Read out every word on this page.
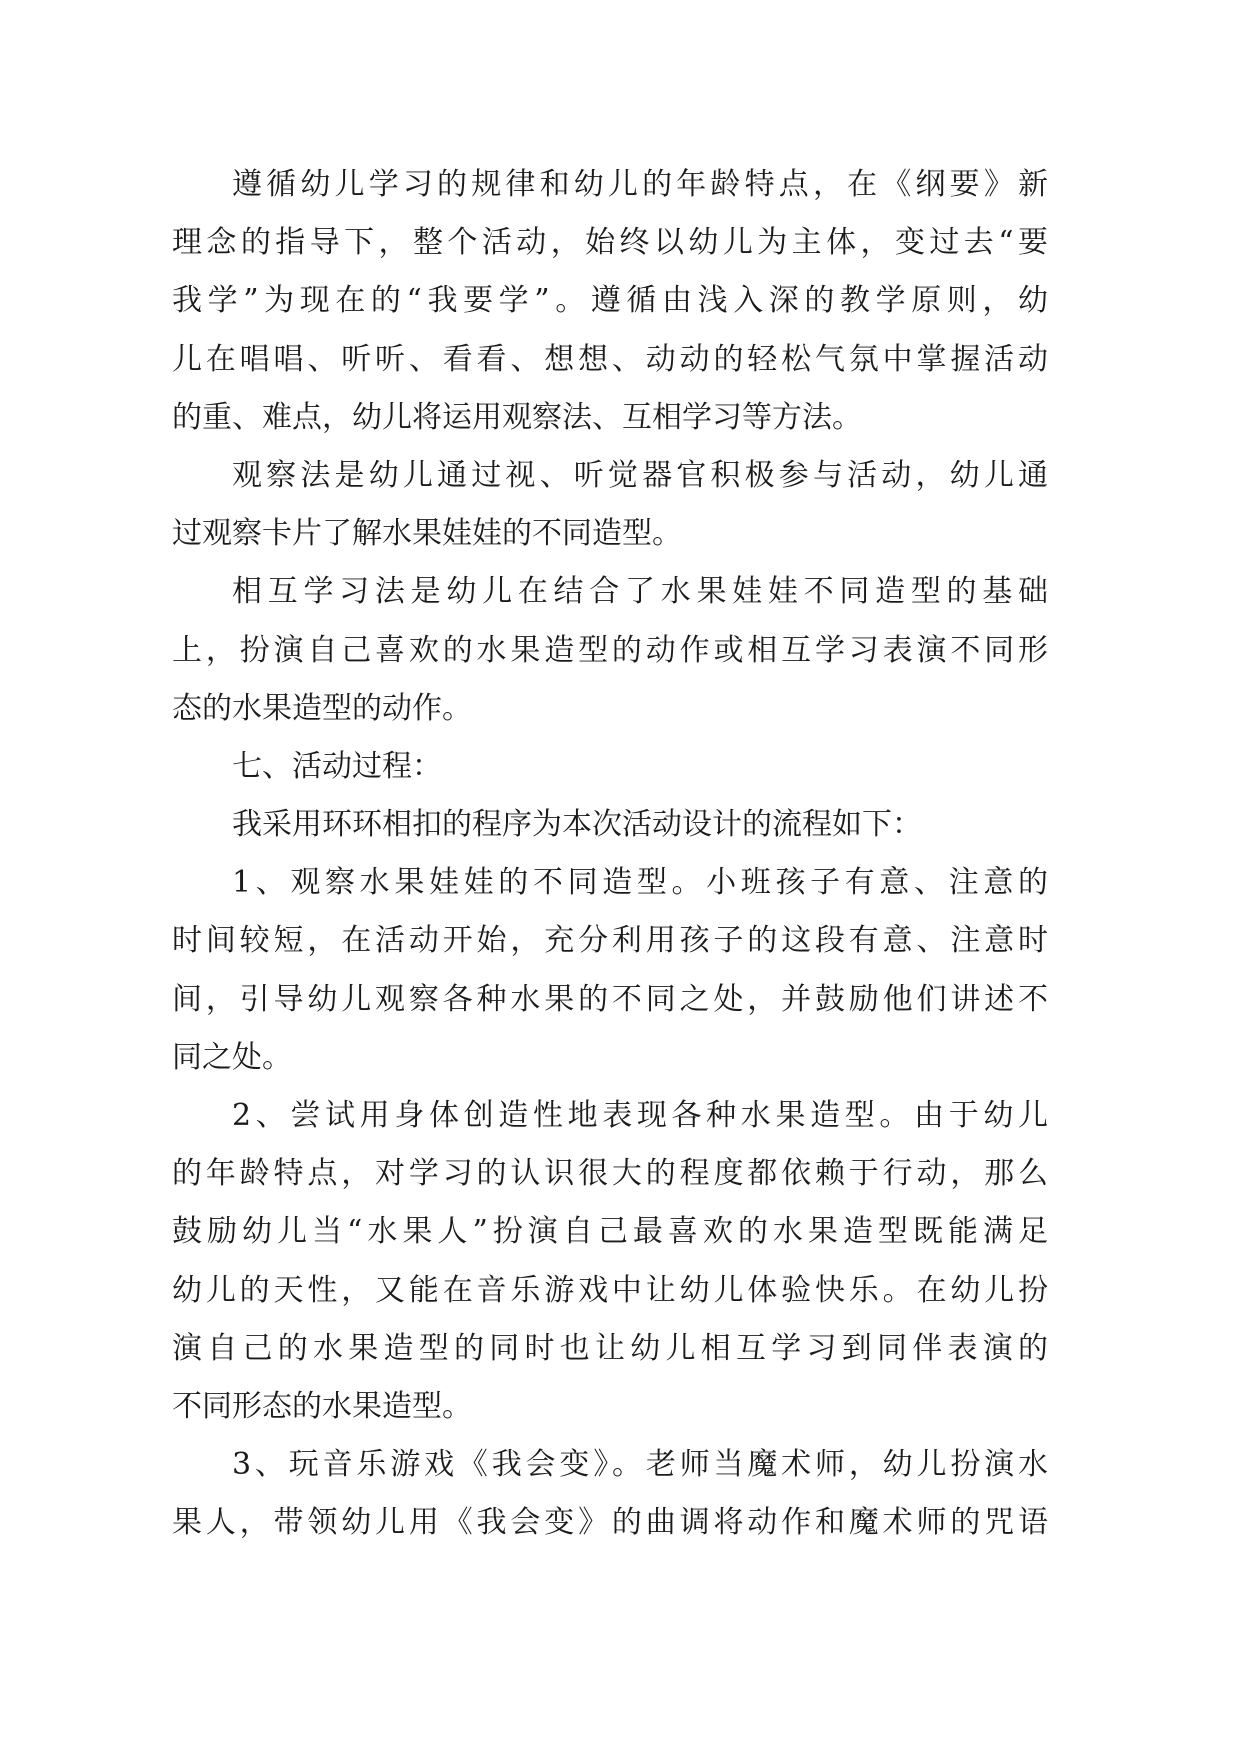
遵循幼儿学习的规律和幼儿的年龄特点，在《纲要》新
理念的指导下，整个活动，始终以幼儿为主体，变过去“要
我学”为现在的“我要学”。遵循由浅入深的教学原则，幼
儿在唱唱、听听、看看、想想、动动的轻松气氛中掌握活动
的重、难点，幼儿将运用观察法、互相学习等方法。
观察法是幼儿通过视、听觉器官积极参与活动，幼儿通
过观察卡片了解水果娃娃的不同造型。
相互学习法是幼儿在结合了水果娃娃不同造型的基础
上，扮演自己喜欢的水果造型的动作或相互学习表演不同形
态的水果造型的动作。
七、活动过程：
我采用环环相扣的程序为本次活动设计的流程如下：
1、观察水果娃娃的不同造型。小班孩子有意、注意的
时间较短，在活动开始，充分利用孩子的这段有意、注意时
间，引导幼儿观察各种水果的不同之处，并鼓励他们讲述不
同之处。
2、尝试用身体创造性地表现各种水果造型。由于幼儿
的年龄特点，对学习的认识很大的程度都依赖于行动，那么
鼓励幼儿当“水果人”扮演自己最喜欢的水果造型既能满足
幼儿的天性，又能在音乐游戏中让幼儿体验快乐。在幼儿扮
演自己的水果造型的同时也让幼儿相互学习到同伴表演的
不同形态的水果造型。
3、玩音乐游戏《我会变》。老师当魔术师，幼儿扮演水
果人，带领幼儿用《我会变》的曲调将动作和魔术师的咒语
